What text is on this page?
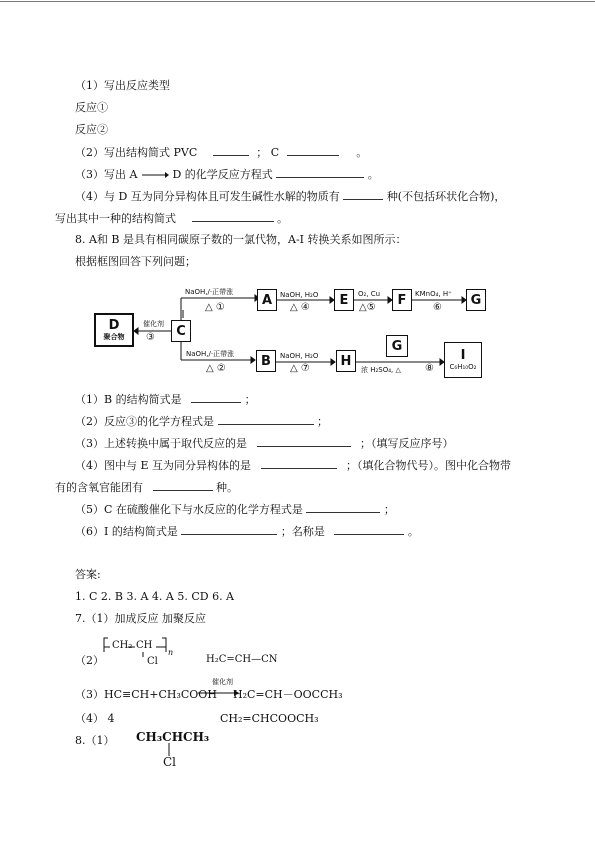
（1）写出反应类型
反应①
反应②
（2）写出结构简式 PVC	； C	。
（3）写出 A	D 的化学反应方程式	。
（4）与 D 互为同分异构体且可发生碱性水解的物质有	种(不包括环状化合物)，
写出其中一种的结构简式	。
8. A和 B 是具有相同碳原子数的一氯代物，A-I 转换关系如图所示：
根据框图回答下列问题；
D
聚合物	C
A	E	F	G
B	H
G
I
C₆H₁₀O₂
NaOH,/·正帶涨
△ ①
NaOH, H₂O
△ ④
O₂, Cu
△⑤
KMnO₄, H⁺
⑥
催化剂
③
NaOH,/·正帶涨
△ ②
NaOH, H₂O
△ ⑦	浓 H₂SO₄, △ ⑧
（1）B 的结构简式是	；
（2）反应③的化学方程式是	；
（3）上述转换中属于取代反应的是	；（填写反应序号）
（4）图中与 E 互为同分异构体的是	；（填化合物代号）。图中化合物带
有的含氧官能团有	种。
（5）C 在硫酸催化下与水反应的化学方程式是	；
（6）I 的结构简式是	；名称是	。
答案:
1. C 2. B 3. A 4. A 5. CD 6. A
7.（1）加成反应 加聚反应
（2）
CH₂ CH
Cl
n
H₂C=CH—CN
（3）HC≡CH+CH₃COOH
催化剂
H₂C=CH－OOCCH₃
（4） 4	CH₂=CHCOOCH₃
8.（1） CH₃CHCH₃
Cl
